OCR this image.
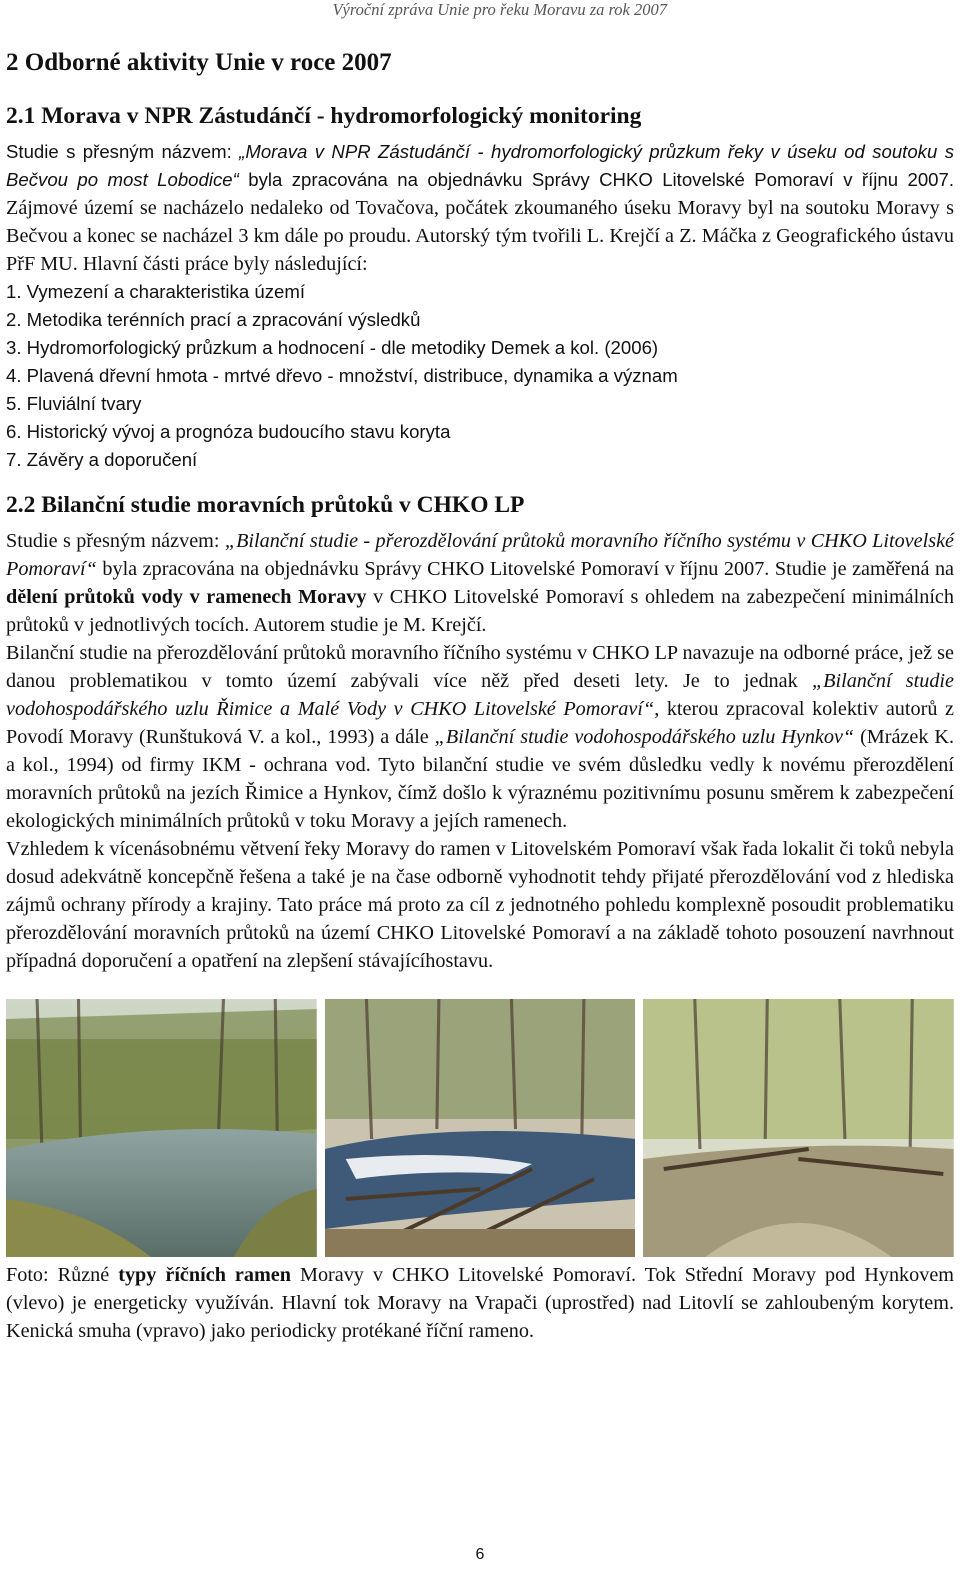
Výroční zpráva Unie pro řeku Moravu za rok 2007
2 Odborné aktivity Unie v roce 2007
2.1 Morava v NPR Zástudánčí - hydromorfologický monitoring

Studie s přesným názvem: „Morava v NPR Zástudánčí - hydromorfologický průzkum řeky v úseku od soutoku s Bečvou po most Lobodice“ byla zpracována na objednávku Správy CHKO Litovelské Pomoraví v říjnu 2007. Zájmové území se nacházelo nedaleko od Tovačova, počátek zkoumaného úseku Moravy byl na soutoku Moravy s Bečvou a konec se nacházel 3 km dále po proudu. Autorský tým tvořili L. Krejčí a Z. Máčka z Geografického ústavu PřF MU. Hlavní části práce byly následující:

1. Vymezení a charakteristika území
2. Metodika terénních prací a zpracování výsledků
3. Hydromorfologický průzkum a hodnocení - dle metodiky Demek a kol. (2006)
4. Plavená dřevní hmota - mrtvé dřevo - množství, distribuce, dynamika a význam
5. Fluviální tvary
6. Historický vývoj a prognóza budoucího stavu koryta
7. Závěry a doporučení
2.2 Bilanční studie moravních průtoků v CHKO LP

Studie s přesným názvem: „Bilanční studie - přerozdělování průtoků moravního říčního systému v CHKO Litovelské Pomoraví“ byla zpracována na objednávku Správy CHKO Litovelské Pomoraví v říjnu 2007. Studie je zaměřená na dělení průtoků vody v ramenech Moravy v CHKO Litovelské Pomoraví s ohledem na zabezpečení minimálních průtoků v jednotlivých tocích. Autorem studie je M. Krejčí.

Bilanční studie na přerozdělování průtoků moravního říčního systému v CHKO LP navazuje na odborné práce, jež se danou problematikou v tomto území zabývali více něž před deseti lety. Je to jednak „Bilanční studie vodohospodářského uzlu Řimice a Malé Vody v CHKO Litovelské Pomoraví“, kterou zpracoval kolektiv autorů z Povodí Moravy (Runštuková V. a kol., 1993) a dále „Bilanční studie vodohospodářského uzlu Hynkov“ (Mrázek K. a kol., 1994) od firmy IKM - ochrana vod. Tyto bilanční studie ve svém důsledku vedly k novému přerozdělení moravních průtoků na jezích Řimice a Hynkov, čímž došlo k výraznému pozitivnímu posunu směrem k zabezpečení ekologických minimálních průtoků v toku Moravy a jejích ramenech.

Vzhledem k vícenásobnému větvení řeky Moravy do ramen v Litovelském Pomoraví však řada lokalit či toků nebyla dosud adekvátně koncepčně řešena a také je na čase odborně vyhodnotit tehdy přijaté přerozdělování vod z hlediska zájmů ochrany přírody a krajiny. Tato práce má proto za cíl z jednotného pohledu komplexně posoudit problematiku přerozdělování moravních průtoků na území CHKO Litovelské Pomoraví a na základě tohoto posouzení navrhnout případná doporučení a opatření na zlepšení stávajícíhostavu.

Foto: Různé typy říčních ramen Moravy v CHKO Litovelské Pomoraví. Tok Střední Moravy pod Hynkovem (vlevo) je energeticky využíván. Hlavní tok Moravy na Vrapači (uprostřed) nad Litovlí se zahloubeným korytem. Kenická smuha (vpravo) jako periodicky protékané říční rameno.

6
